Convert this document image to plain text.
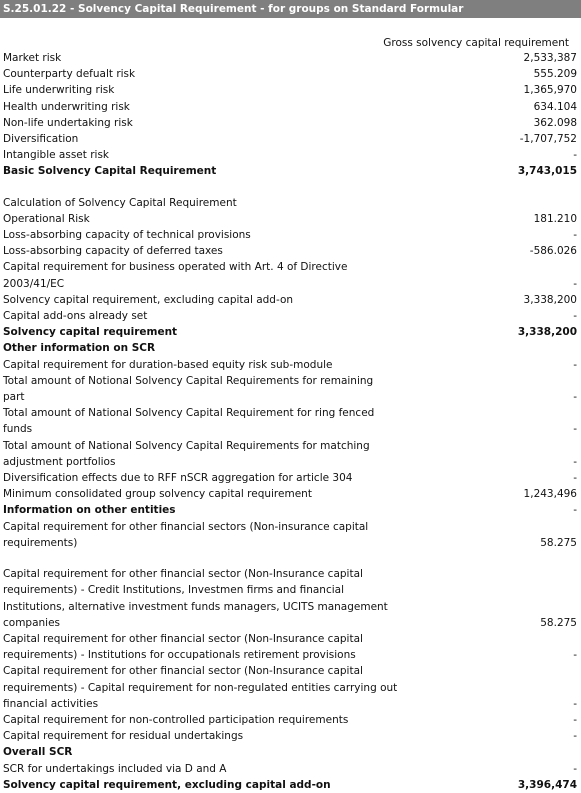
S.25.01.22 - Solvency Capital Requirement - for groups on Standard Formular
Gross solvency capital requirement
Market risk	2,533,387
Counterparty defualt risk	555.209
Life underwriting risk	1,365,970
Health underwriting risk	634.104
Non-life undertaking risk	362.098
Diversification	-1,707,752
Intangible asset risk	-
Basic Solvency Capital Requirement	3,743,015
Calculation of Solvency Capital Requirement
Operational Risk	181.210
Loss-absorbing capacity of technical provisions	-
Loss-absorbing capacity of deferred taxes	-586.026
Capital requirement for business operated with Art. 4 of Directive 2003/41/EC	-
Solvency capital requirement, excluding capital add-on	3,338,200
Capital add-ons already set	-
Solvency capital requirement	3,338,200
Other information on SCR
Capital requirement for duration-based equity risk sub-module	-
Total amount of Notional Solvency Capital Requirements for remaining part	-
Total amount of National Solvency Capital Requirement for ring fenced funds	-
Total amount of National Solvency Capital Requirements for matching adjustment portfolios	-
Diversification effects due to RFF nSCR aggregation for article 304	-
Minimum consolidated group solvency capital requirement	1,243,496
Information on other entities	-
Capital requirement for other financial sectors (Non-insurance capital requirements)	58.275
Capital requirement for other financial sector (Non-Insurance capital requirements) - Credit Institutions, Investmen firms and financial Institutions, alternative investment funds managers, UCITS management companies	58.275
Capital requirement for other financial sector (Non-Insurance capital requirements) - Institutions for occupationals retirement provisions	-
Capital requirement for other financial sector (Non-Insurance capital requirements) - Capital requirement for non-regulated entities carrying out financial activities	-
Capital requirement for non-controlled participation requirements	-
Capital requirement for residual undertakings	-
Overall SCR
SCR for undertakings included via D and A	-
Solvency capital requirement, excluding capital add-on	3,396,474
